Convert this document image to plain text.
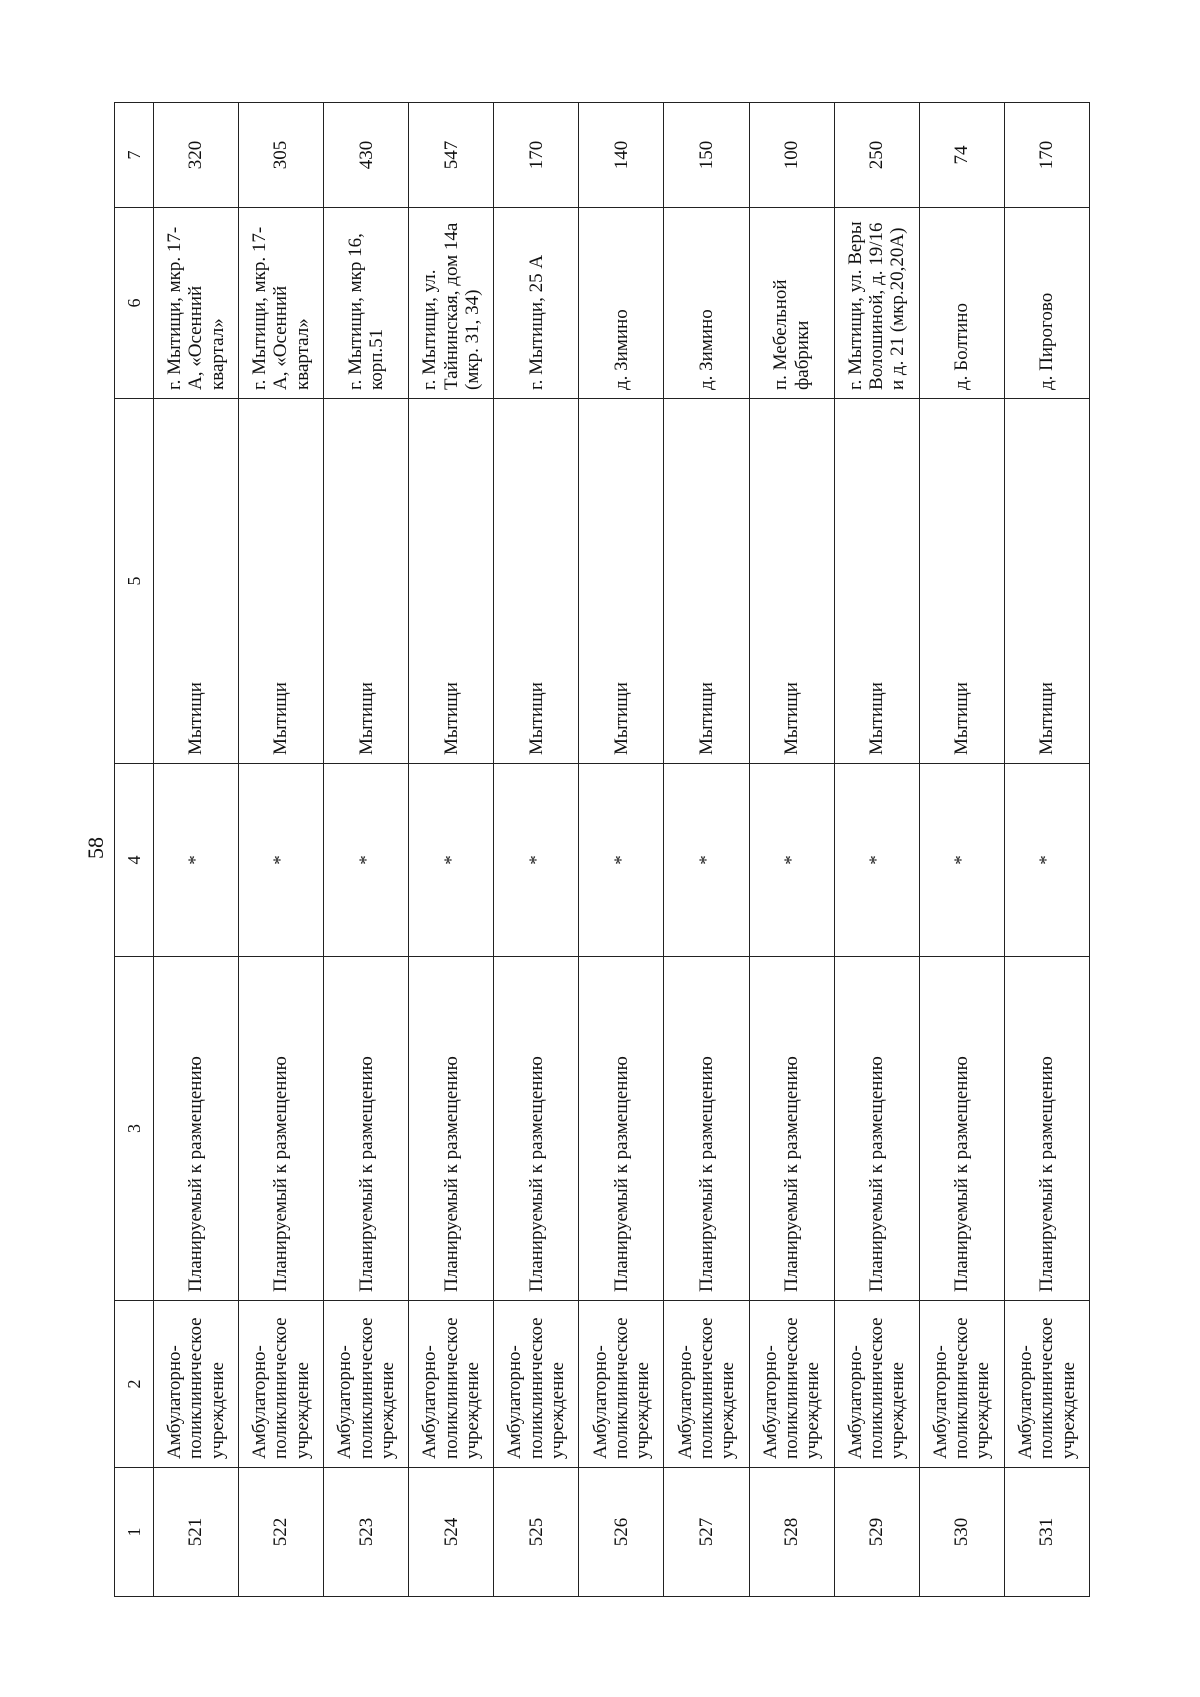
58
1	2	3	4	5	6	7
521	Амбулаторно-поликлиническое учреждение	Планируемый к размещению	*	Мытищи	г. Мытищи, мкр. 17-А, «Осенний квартал»	320
522	Амбулаторно-поликлиническое учреждение	Планируемый к размещению	*	Мытищи	г. Мытищи, мкр. 17-А, «Осенний квартал»	305
523	Амбулаторно-поликлиническое учреждение	Планируемый к размещению	*	Мытищи	г. Мытищи, мкр 16, корп.51	430
524	Амбулаторно-поликлиническое учреждение	Планируемый к размещению	*	Мытищи	г. Мытищи, ул. Тайнинская, дом 14а (мкр. 31, 34)	547
525	Амбулаторно-поликлиническое учреждение	Планируемый к размещению	*	Мытищи	г. Мытищи, 25 А	170
526	Амбулаторно-поликлиническое учреждение	Планируемый к размещению	*	Мытищи	д. Зимино	140
527	Амбулаторно-поликлиническое учреждение	Планируемый к размещению	*	Мытищи	д. Зимино	150
528	Амбулаторно-поликлиническое учреждение	Планируемый к размещению	*	Мытищи	п. Мебельной фабрики	100
529	Амбулаторно-поликлиническое учреждение	Планируемый к размещению	*	Мытищи	г. Мытищи, ул. Веры Волошиной, д. 19/16 и д. 21 (мкр.20,20А)	250
530	Амбулаторно-поликлиническое учреждение	Планируемый к размещению	*	Мытищи	д. Болтино	74
531	Амбулаторно-поликлиническое учреждение	Планируемый к размещению	*	Мытищи	д. Пирогово	170
